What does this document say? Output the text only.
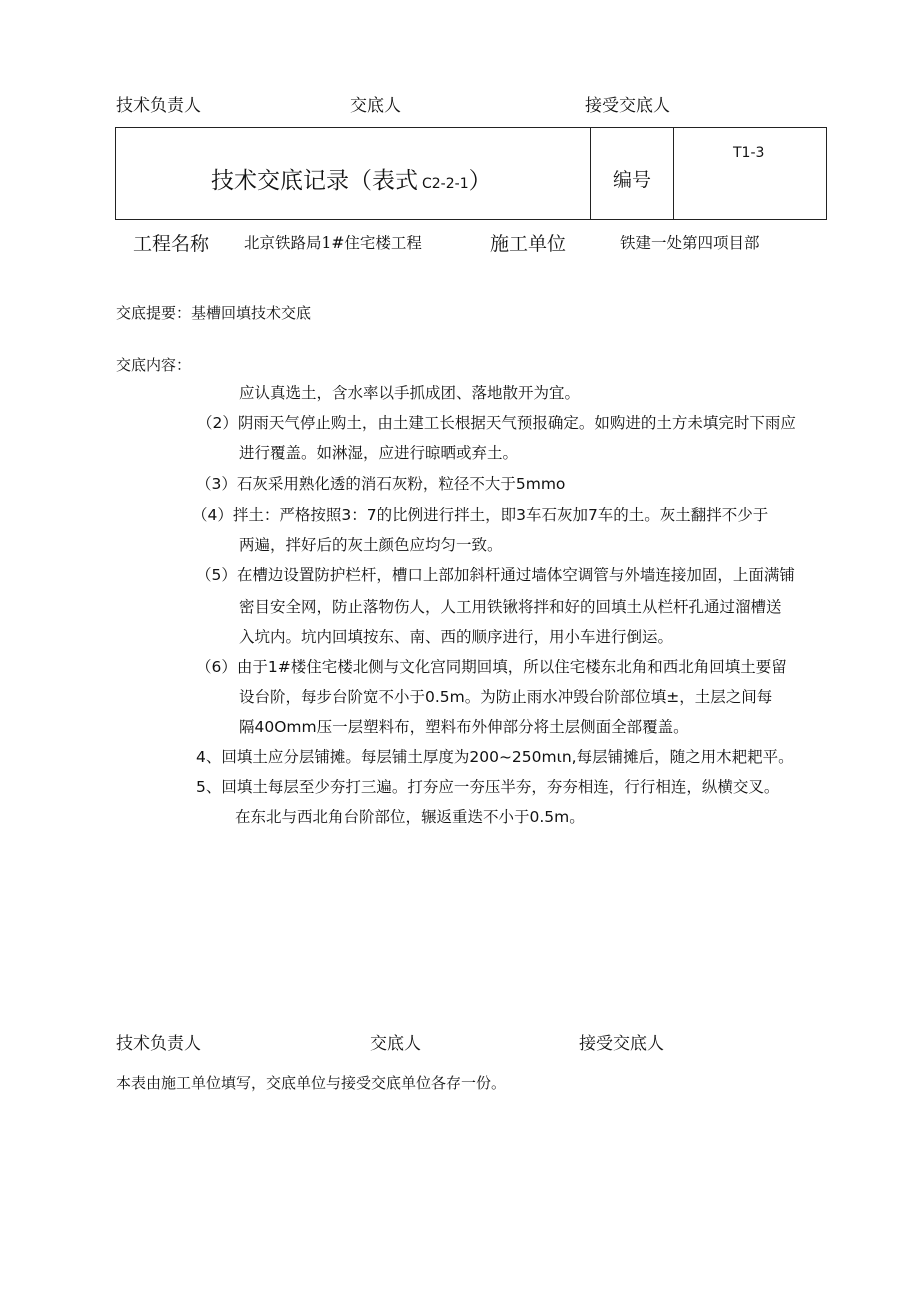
技术负责人	交底人	接受交底人
技术交底记录（表式 C2-2-1）	编号
T1-3
工程名称 北京铁路局1#住宅楼工程	施工单位	铁建一处第四项目部
交底提要：基槽回填技术交底
交底内容：
应认真选土，含水率以手抓成团、落地散开为宜。
（2）阴雨天气停止购土，由土建工长根据天气预报确定。如购进的土方未填完时下雨应
进行覆盖。如淋湿，应进行晾晒或弃土。
（3）石灰采用熟化透的消石灰粉，粒径不大于5mmo
（4）拌土：严格按照3：7的比例进行拌土，即3车石灰加7车的土。灰土翻拌不少于
两遍，拌好后的灰土颜色应均匀一致。
（5）在槽边设置防护栏杆，槽口上部加斜杆通过墙体空调管与外墙连接加固，上面满铺
密目安全网，防止落物伤人，人工用铁锹将拌和好的回填土从栏杆孔通过溜槽送
入坑内。坑内回填按东、南、西的顺序进行，用小车进行倒运。
（6）由于1#楼住宅楼北侧与文化宫同期回填，所以住宅楼东北角和西北角回填土要留
设台阶，每步台阶宽不小于0.5m。为防止雨水冲毁台阶部位填±，土层之间每
隔40Omm压一层塑料布，塑料布外伸部分将土层侧面全部覆盖。
4、回填土应分层铺摊。每层铺土厚度为200~250mιn,每层铺摊后，随之用木耙耙平。
5、回填土每层至少夯打三遍。打夯应一夯压半夯，夯夯相连，行行相连，纵横交叉。
在东北与西北角台阶部位，辗返重迭不小于0.5m。
技术负责人	交底人	接受交底人
本表由施工单位填写，交底单位与接受交底单位各存一份。
